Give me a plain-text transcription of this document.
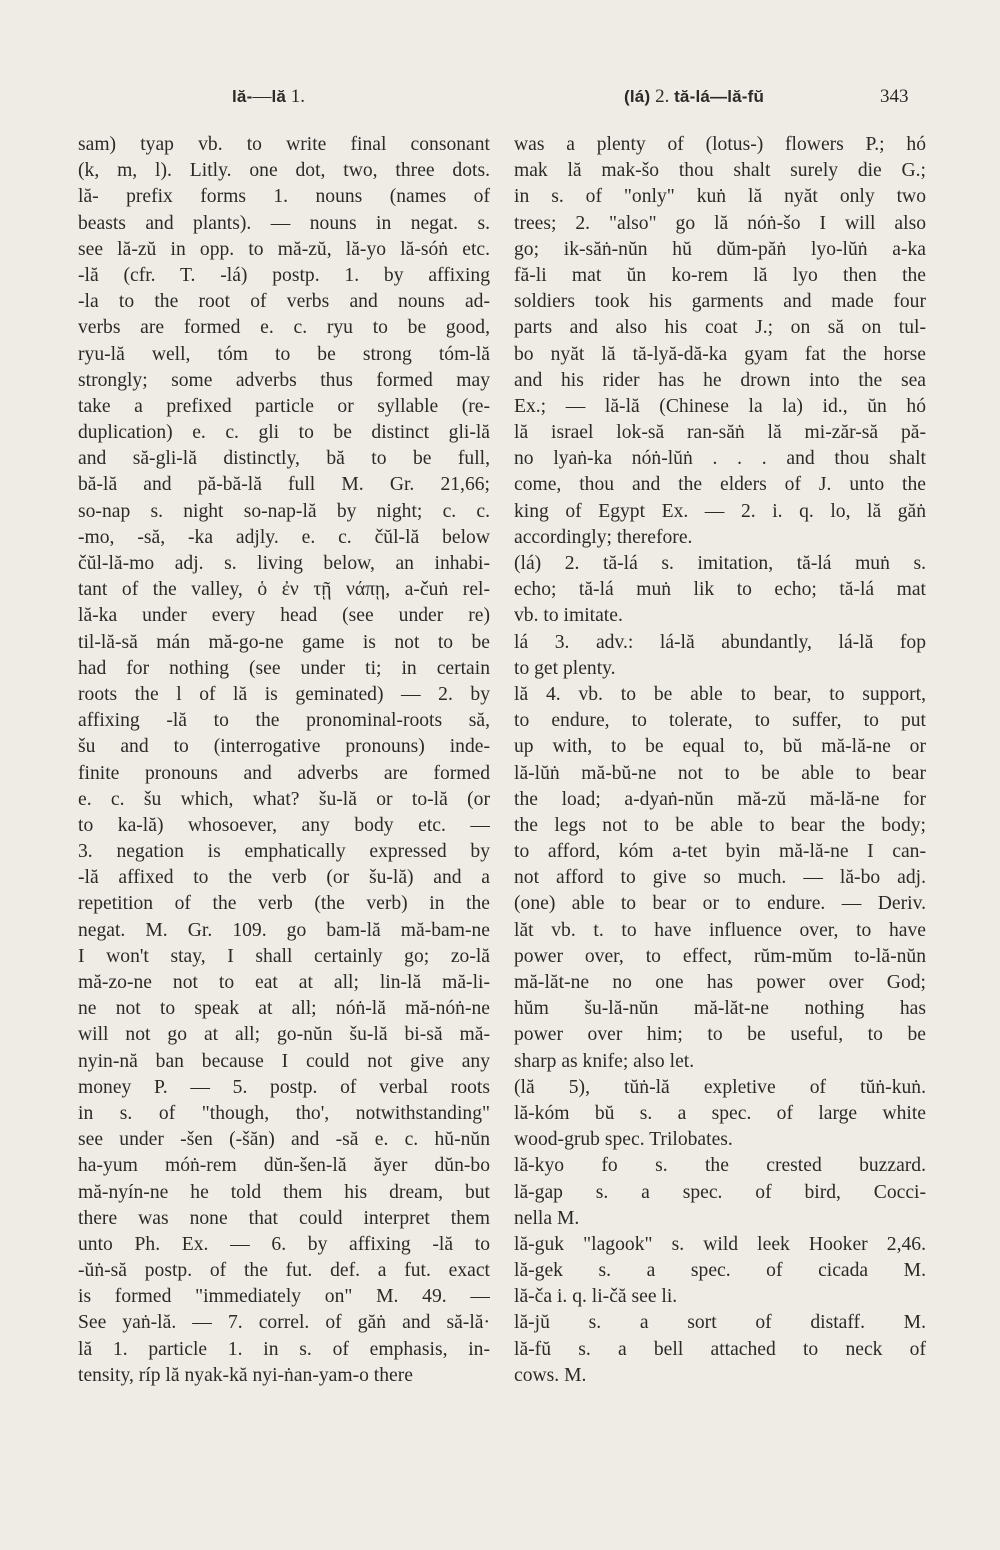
lă-—lă 1.	(lá) 2. tă-lá—lă-fŭ	343
sam) tyap vb. to write final consonant
(k, m, l). Litly. one dot, two, three dots.
lă- prefix forms 1. nouns (names of
beasts and plants). — nouns in negat. s.
see lă-zŭ in opp. to mă-zŭ, lă-yo lă-sóṅ etc.
-lă (cfr. T. -lá) postp. 1. by affixing
-la to the root of verbs and nouns ad-
verbs are formed e. c. ryu to be good,
ryu-lă well, tóm to be strong tóm-lă
strongly; some adverbs thus formed may
take a prefixed particle or syllable (re-
duplication) e. c. gli to be distinct gli-lă
and să-gli-lă distinctly, bă to be full,
bă-lă and pă-bă-lă full M. Gr. 21,66;
so-nap s. night so-nap-lă by night; c. c.
-mo, -să, -ka adjly. e. c. čŭl-lă below
čŭl-lă-mo adj. s. living below, an inhabi-
tant of the valley, ὁ ἐν τῇ νάπῃ, a-čuṅ rel-
lă-ka under every head (see under re)
til-lă-să mán mă-go-ne game is not to be
had for nothing (see under ti; in certain
roots the l of lă is geminated) — 2. by
affixing -lă to the pronominal-roots să,
šu and to (interrogative pronouns) inde-
finite pronouns and adverbs are formed
e. c. šu which, what? šu-lă or to-lă (or
to ka-lă) whosoever, any body etc. —
3. negation is emphatically expressed by
-lă affixed to the verb (or šu-lă) and a
repetition of the verb (the verb) in the
negat. M. Gr. 109. go bam-lă mă-bam-ne
I won't stay, I shall certainly go; zo-lă
mă-zo-ne not to eat at all; lin-lă mă-li-
ne not to speak at all; nóṅ-lă mă-nóṅ-ne
will not go at all; go-nŭn šu-lă bi-să mă-
nyin-nă ban because I could not give any
money P. — 5. postp. of verbal roots
in s. of "though, tho', notwithstanding"
see under -šen (-šăn) and -să e. c. hŭ-nŭn
ha-yum móṅ-rem dŭn-šen-lă ăyer dŭn-bo
mă-nyín-ne he told them his dream, but
there was none that could interpret them
unto Ph. Ex. — 6. by affixing -lă to
-ŭṅ-să postp. of the fut. def. a fut. exact
is formed "immediately on" M. 49. —
See yaṅ-lă. — 7. correl. of găṅ and să-lă·
lă 1. particle 1. in s. of emphasis, in-
tensity, ríp lă nyak-kă nyi-ṅan-yam-o there
was a plenty of (lotus-) flowers P.; hó
mak lă mak-šo thou shalt surely die G.;
in s. of "only" kuṅ lă nyăt only two
trees; 2. "also" go lă nóṅ-šo I will also
go; ik-săṅ-nŭn hŭ dŭm-păṅ lyo-lŭṅ a-ka
fă-li mat ŭn ko-rem lă lyo then the
soldiers took his garments and made four
parts and also his coat J.; on să on tul-
bo nyăt lă tă-lyă-dă-ka gyam fat the horse
and his rider has he drown into the sea
Ex.; — lă-lă (Chinese la la) id., ŭn hó
lă israel lok-să ran-săṅ lă mi-zăr-să pă-
no lyaṅ-ka nóṅ-lŭṅ . . . and thou shalt
come, thou and the elders of J. unto the
king of Egypt Ex. — 2. i. q. lo, lă găṅ
accordingly; therefore.
(lá) 2. tă-lá s. imitation, tă-lá muṅ s.
echo; tă-lá muṅ lik to echo; tă-lá mat
vb. to imitate.
lá 3. adv.: lá-lă abundantly, lá-lă fop
to get plenty.
lă 4. vb. to be able to bear, to support,
to endure, to tolerate, to suffer, to put
up with, to be equal to, bŭ mă-lă-ne or
lă-lŭṅ mă-bŭ-ne not to be able to bear
the load; a-dyaṅ-nŭn mă-zŭ mă-lă-ne for
the legs not to be able to bear the body;
to afford, kóm a-tet byin mă-lă-ne I can-
not afford to give so much. — lă-bo adj.
(one) able to bear or to endure. — Deriv.
lăt vb. t. to have influence over, to have
power over, to effect, rŭm-mŭm to-lă-nŭn
mă-lăt-ne no one has power over God;
hŭm šu-lă-nŭn mă-lăt-ne nothing has
power over him; to be useful, to be
sharp as knife; also let.
(lă 5), tŭṅ-lă expletive of tŭṅ-kuṅ.
lă-kóm bŭ s. a spec. of large white
wood-grub spec. Trilobates.
lă-kyo fo s. the crested buzzard.
lă-gap s. a spec. of bird, Cocci-
nella M.
lă-guk "lagook" s. wild leek Hooker 2,46.
lă-gek s. a spec. of cicada M.
lă-ča i. q. li-čă see li.
lă-jŭ s. a sort of distaff. M.
lă-fŭ s. a bell attached to neck of
cows. M.
